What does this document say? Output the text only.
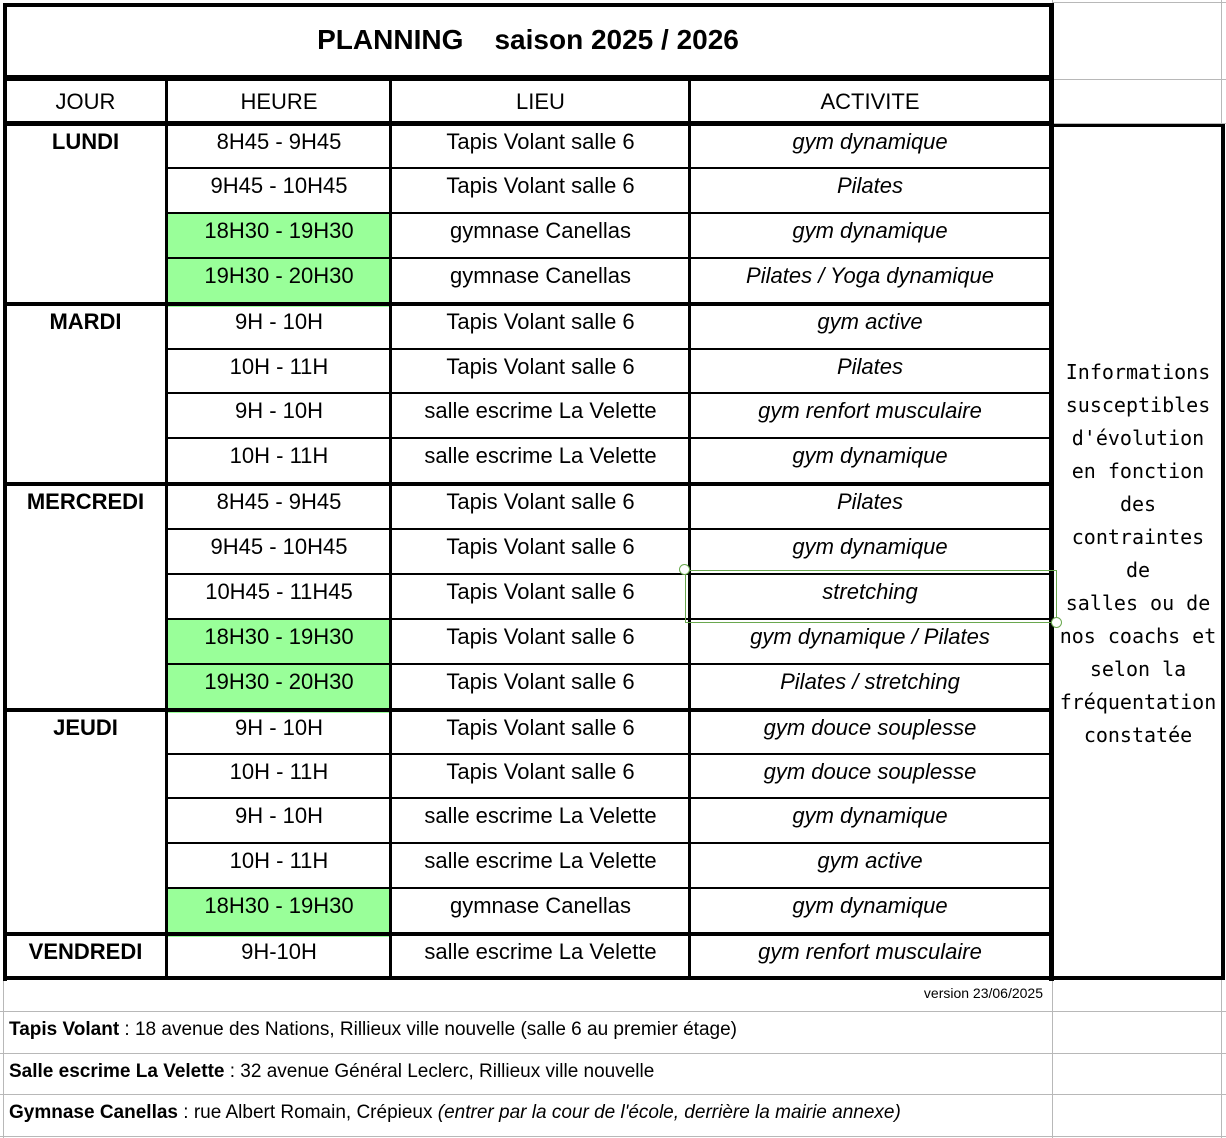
PLANNING    saison 2025 / 2026
JOUR	HEURE	LIEU	ACTIVITE
LUNDI	8H45 - 9H45	Tapis Volant salle 6	gym dynamique
9H45 - 10H45	Tapis Volant salle 6	Pilates
18H30 - 19H30	gymnase Canellas	gym dynamique
19H30 - 20H30	gymnase Canellas	Pilates / Yoga dynamique
MARDI	9H - 10H	Tapis Volant salle 6	gym active
10H - 11H	Tapis Volant salle 6	Pilates
9H - 10H	salle escrime La Velette	gym renfort musculaire
10H - 11H	salle escrime La Velette	gym dynamique
MERCREDI	8H45 - 9H45	Tapis Volant salle 6	Pilates
9H45 - 10H45	Tapis Volant salle 6	gym dynamique
10H45 - 11H45	Tapis Volant salle 6	stretching
18H30 - 19H30	Tapis Volant salle 6	gym dynamique / Pilates
19H30 - 20H30	Tapis Volant salle 6	Pilates / stretching
JEUDI	9H - 10H	Tapis Volant salle 6	gym douce souplesse
10H - 11H	Tapis Volant salle 6	gym douce souplesse
9H - 10H	salle escrime La Velette	gym dynamique
10H - 11H	salle escrime La Velette	gym active
18H30 - 19H30	gymnase Canellas	gym dynamique
VENDREDI	9H-10H	salle escrime La Velette	gym renfort musculaire
Informations
susceptibles
d'évolution
en fonction
des
contraintes
de
salles ou de
nos coachs et
selon la
fréquentation
constatée
version 23/06/2025
Tapis Volant : 18 avenue des Nations, Rillieux ville nouvelle (salle 6 au premier étage)
Salle escrime La Velette : 32 avenue Général Leclerc, Rillieux ville nouvelle
Gymnase Canellas : rue Albert Romain, Crépieux (entrer par la cour de l'école, derrière la mairie annexe)
